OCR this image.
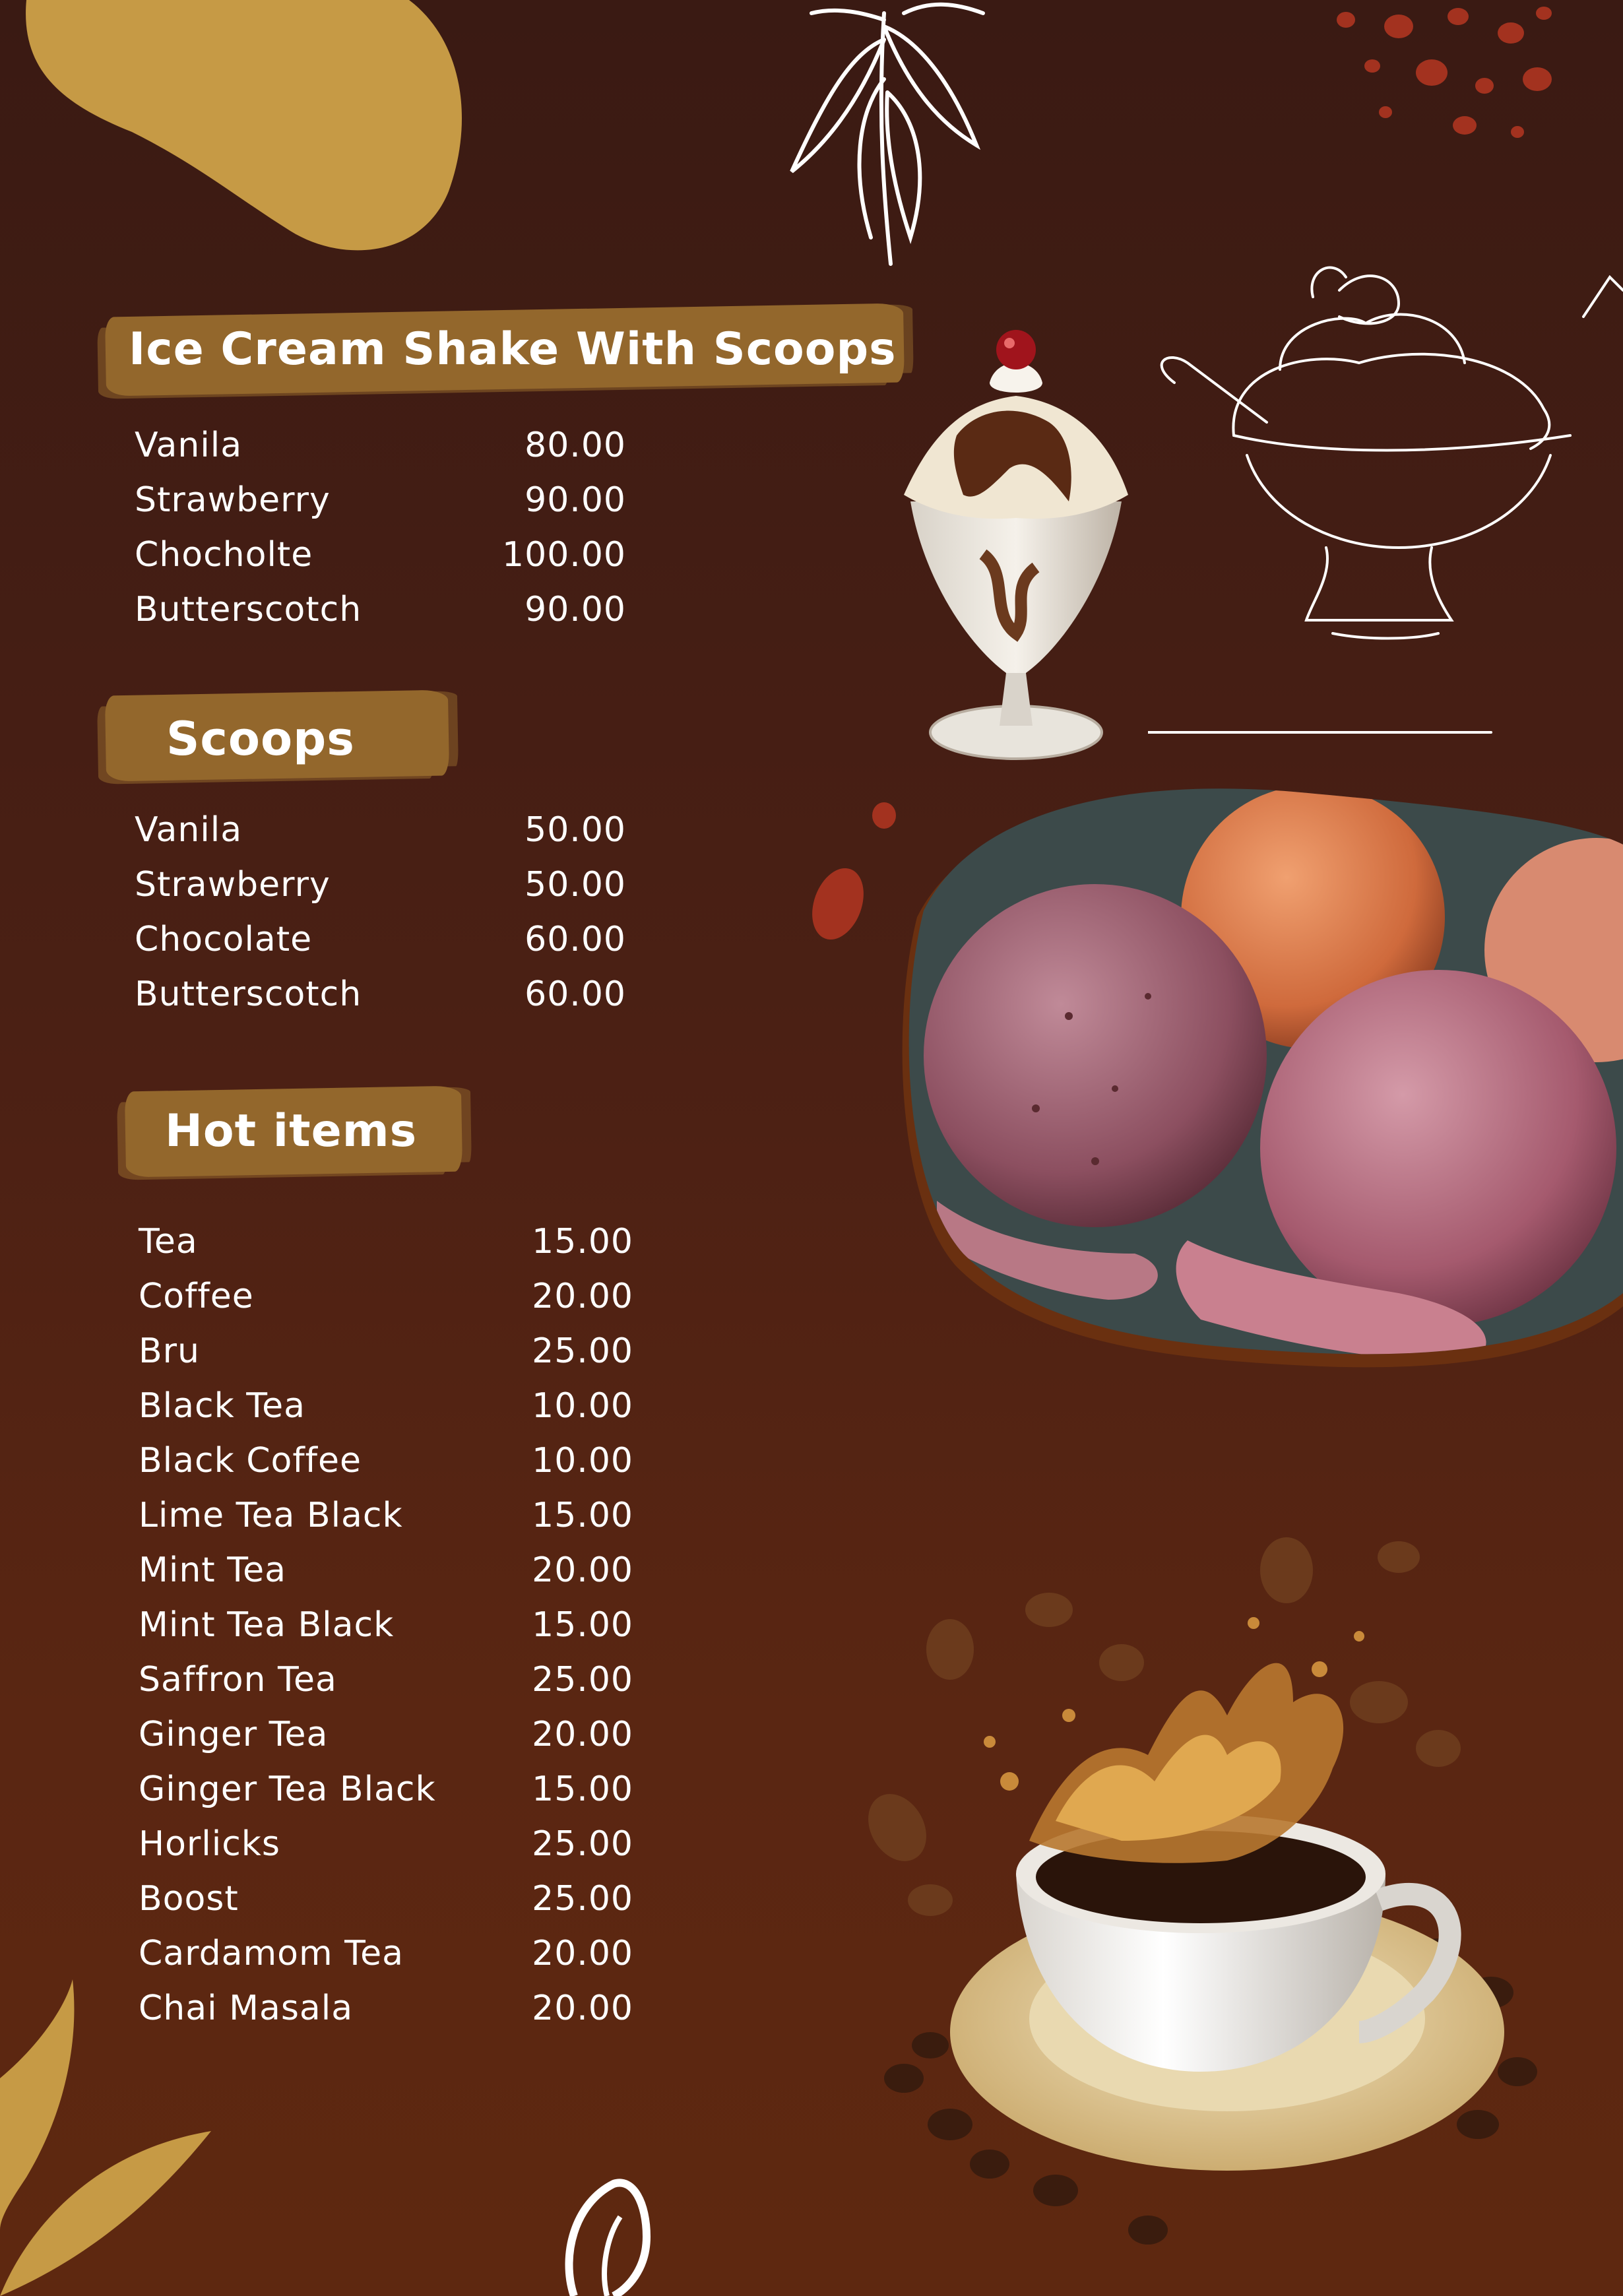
Ice Cream Shake With Scoops
Vanila	80.00
Strawberry	90.00
Chocholte	100.00
Butterscotch	90.00
Scoops
Vanila	50.00
Strawberry	50.00
Chocolate	60.00
Butterscotch	60.00
Hot items
Tea	15.00
Coffee	20.00
Bru	25.00
Black Tea	10.00
Black Coffee	10.00
Lime Tea Black	15.00
Mint Tea	20.00
Mint Tea Black	15.00
Saffron Tea	25.00
Ginger Tea	20.00
Ginger Tea Black	15.00
Horlicks	25.00
Boost	25.00
Cardamom Tea	20.00
Chai Masala	20.00
